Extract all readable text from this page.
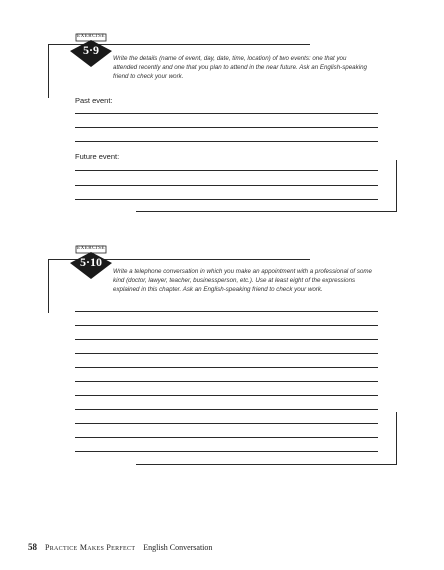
EXERCISE
5·9
Write the details (name of event, day, date, time, location) of two events: one that you attended recently and one that you plan to attend in the near future. Ask an English-speaking friend to check your work.
Past event:
Future event:
EXERCISE
5·10
Write a telephone conversation in which you make an appointment with a professional of some kind (doctor, lawyer, teacher, businessperson, etc.). Use at least eight of the expressions explained in this chapter. Ask an English-speaking friend to check your work.
58 Practice Makes Perfect English Conversation
